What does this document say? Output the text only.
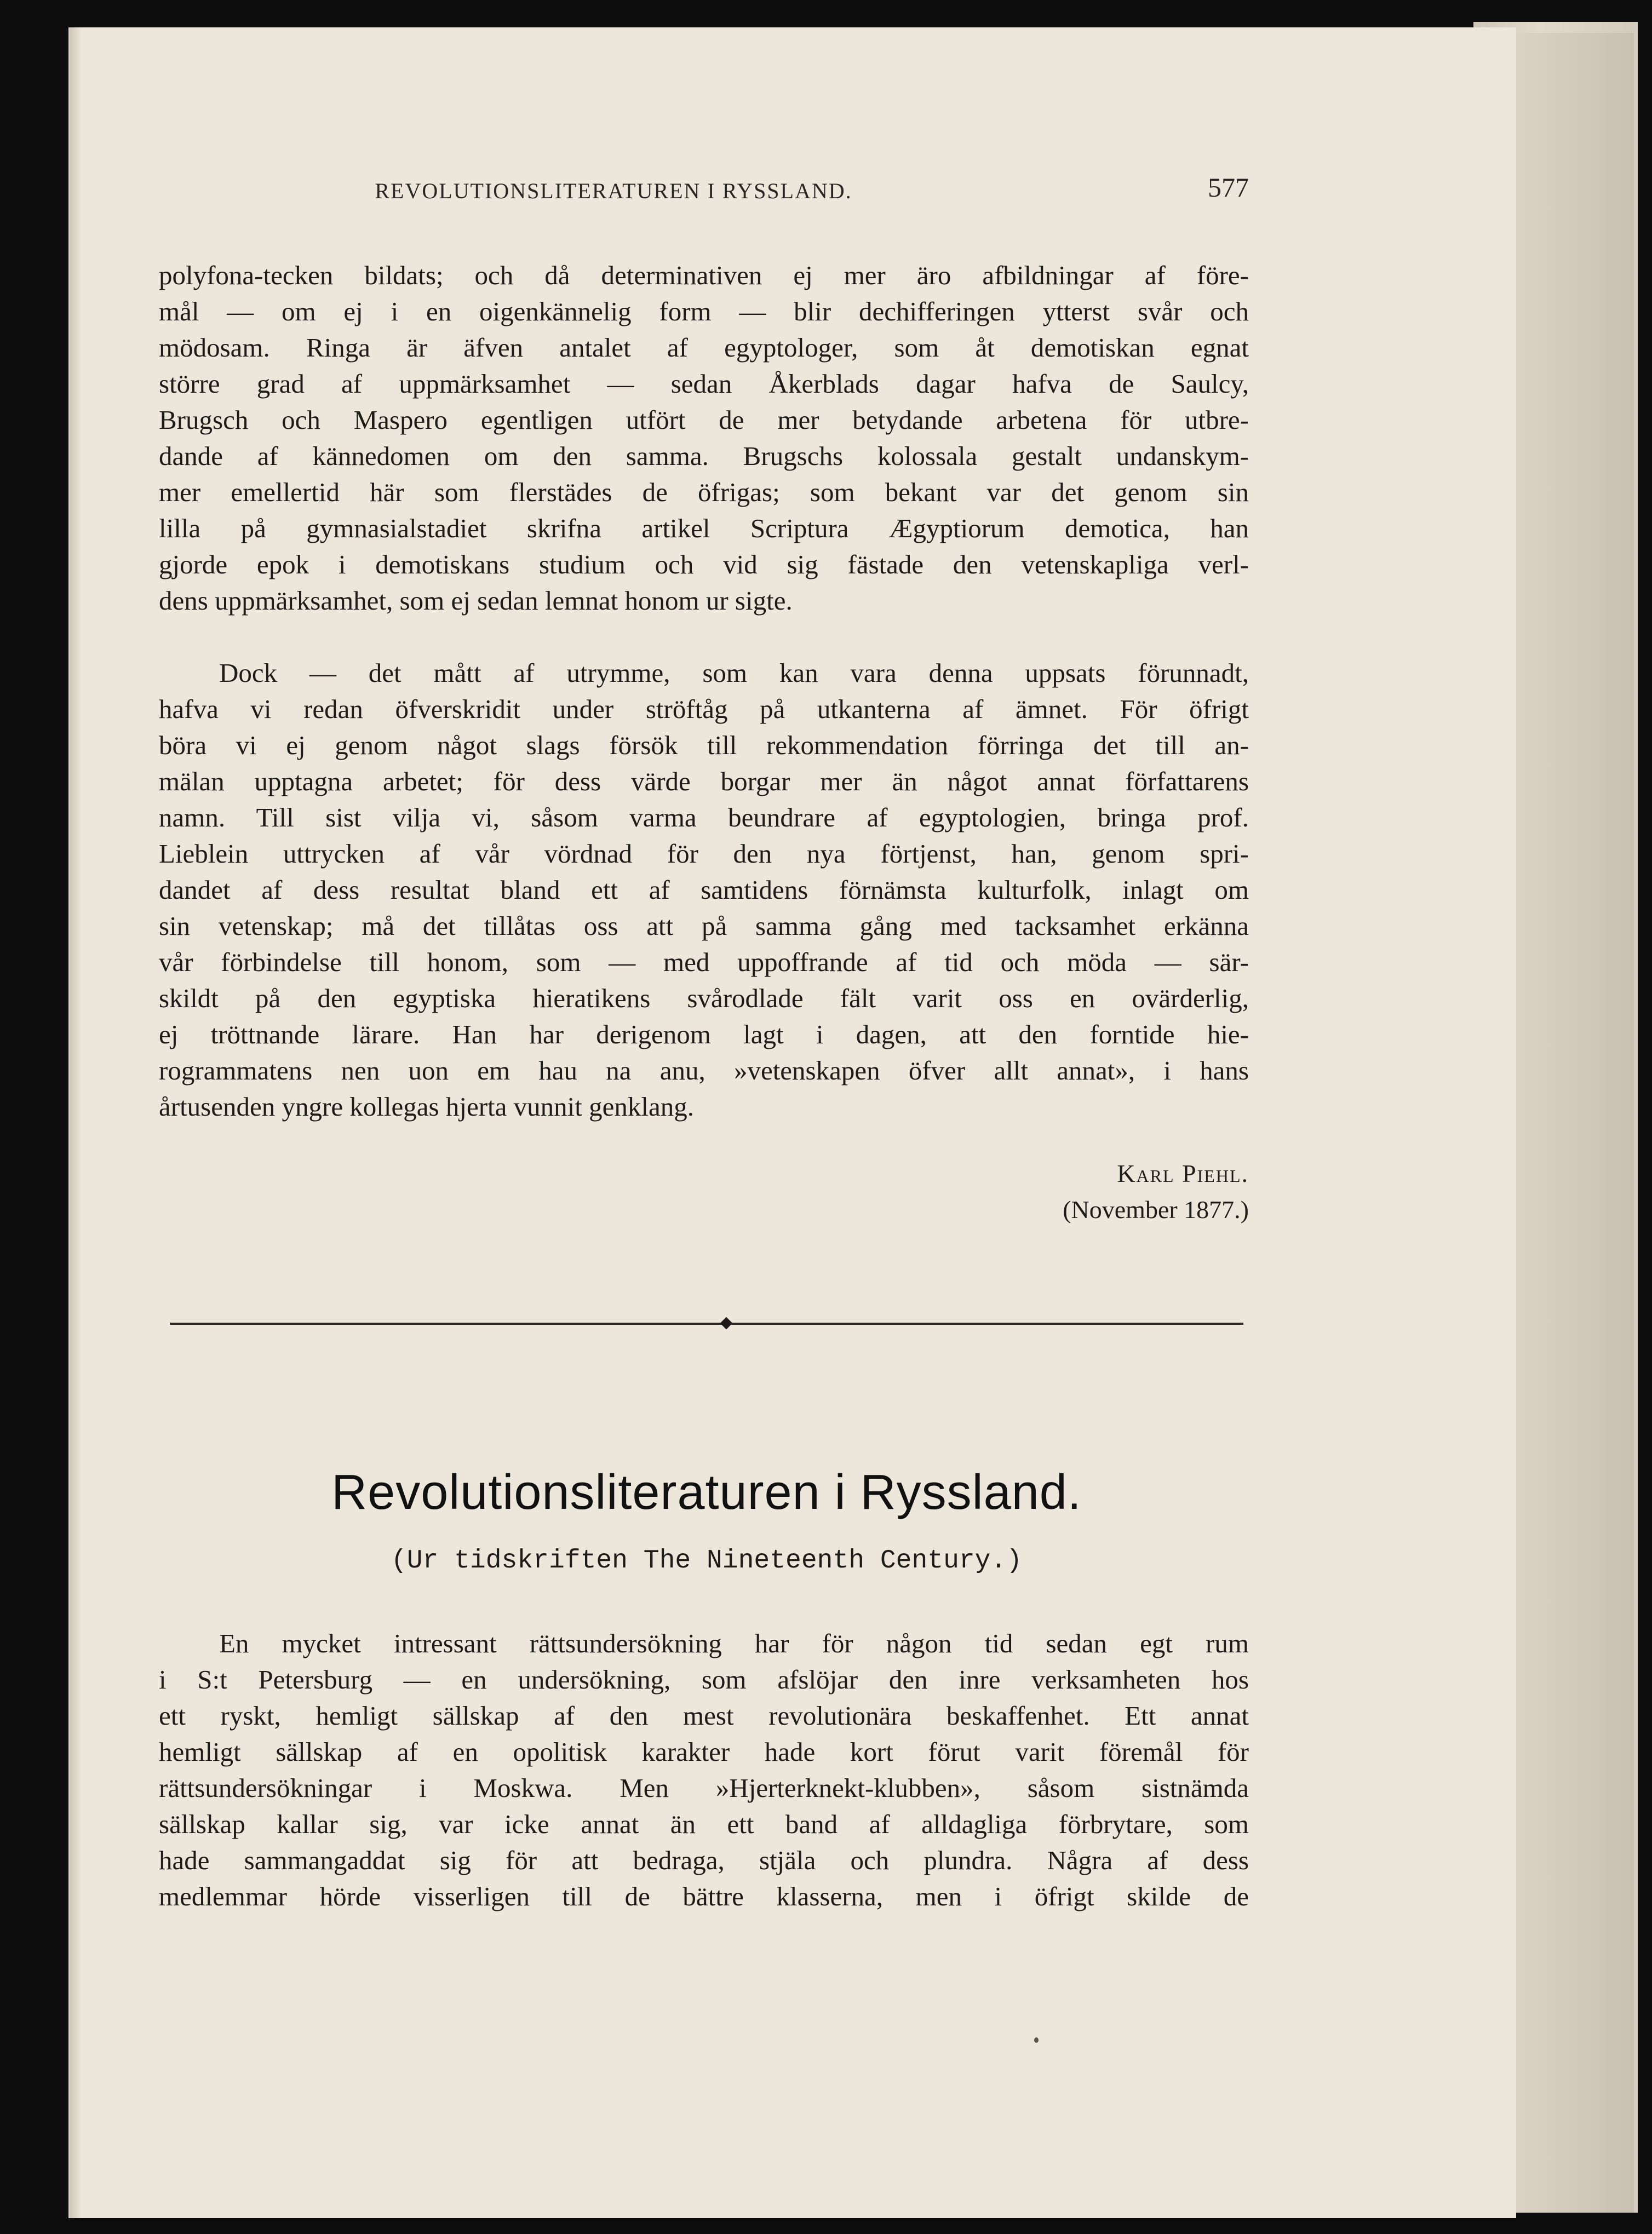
REVOLUTIONSLITERATUREN I RYSSLAND.	577
polyfona-tecken bildats; och då determinativen ej mer äro afbildningar af före-
mål — om ej i en oigenkännelig form — blir dechifferingen ytterst svår och
mödosam. Ringa är äfven antalet af egyptologer, som åt demotiskan egnat
större grad af uppmärksamhet — sedan Åkerblads dagar hafva de Saulcy,
Brugsch och Maspero egentligen utfört de mer betydande arbetena för utbre-
dande af kännedomen om den samma. Brugschs kolossala gestalt undanskym-
mer emellertid här som flerstädes de öfrigas; som bekant var det genom sin
lilla på gymnasialstadiet skrifna artikel Scriptura Ægyptiorum demotica, han
gjorde epok i demotiskans studium och vid sig fästade den vetenskapliga verl-
dens uppmärksamhet, som ej sedan lemnat honom ur sigte.
Dock — det mått af utrymme, som kan vara denna uppsats förunnadt,
hafva vi redan öfverskridit under ströftåg på utkanterna af ämnet. För öfrigt
böra vi ej genom något slags försök till rekommendation förringa det till an-
mälan upptagna arbetet; för dess värde borgar mer än något annat författarens
namn. Till sist vilja vi, såsom varma beundrare af egyptologien, bringa prof.
Lieblein uttrycken af vår vördnad för den nya förtjenst, han, genom spri-
dandet af dess resultat bland ett af samtidens förnämsta kulturfolk, inlagt om
sin vetenskap; må det tillåtas oss att på samma gång med tacksamhet erkänna
vår förbindelse till honom, som — med uppoffrande af tid och möda — sär-
skildt på den egyptiska hieratikens svårodlade fält varit oss en ovärderlig,
ej tröttnande lärare. Han har derigenom lagt i dagen, att den forntide hie-
rogrammatens nen uon em hau na anu, »vetenskapen öfver allt annat», i hans
årtusenden yngre kollegas hjerta vunnit genklang.
Karl Piehl.
(November 1877.)
Revolutionsliteraturen i Ryssland.
(Ur tidskriften The Nineteenth Century.)
En mycket intressant rättsundersökning har för någon tid sedan egt rum
i S:t Petersburg — en undersökning, som afslöjar den inre verksamheten hos
ett ryskt, hemligt sällskap af den mest revolutionära beskaffenhet. Ett annat
hemligt sällskap af en opolitisk karakter hade kort förut varit föremål för
rättsundersökningar i Moskwa. Men »Hjerterknekt-klubben», såsom sistnämda
sällskap kallar sig, var icke annat än ett band af alldagliga förbrytare, som
hade sammangaddat sig för att bedraga, stjäla och plundra. Några af dess
medlemmar hörde visserligen till de bättre klasserna, men i öfrigt skilde de
